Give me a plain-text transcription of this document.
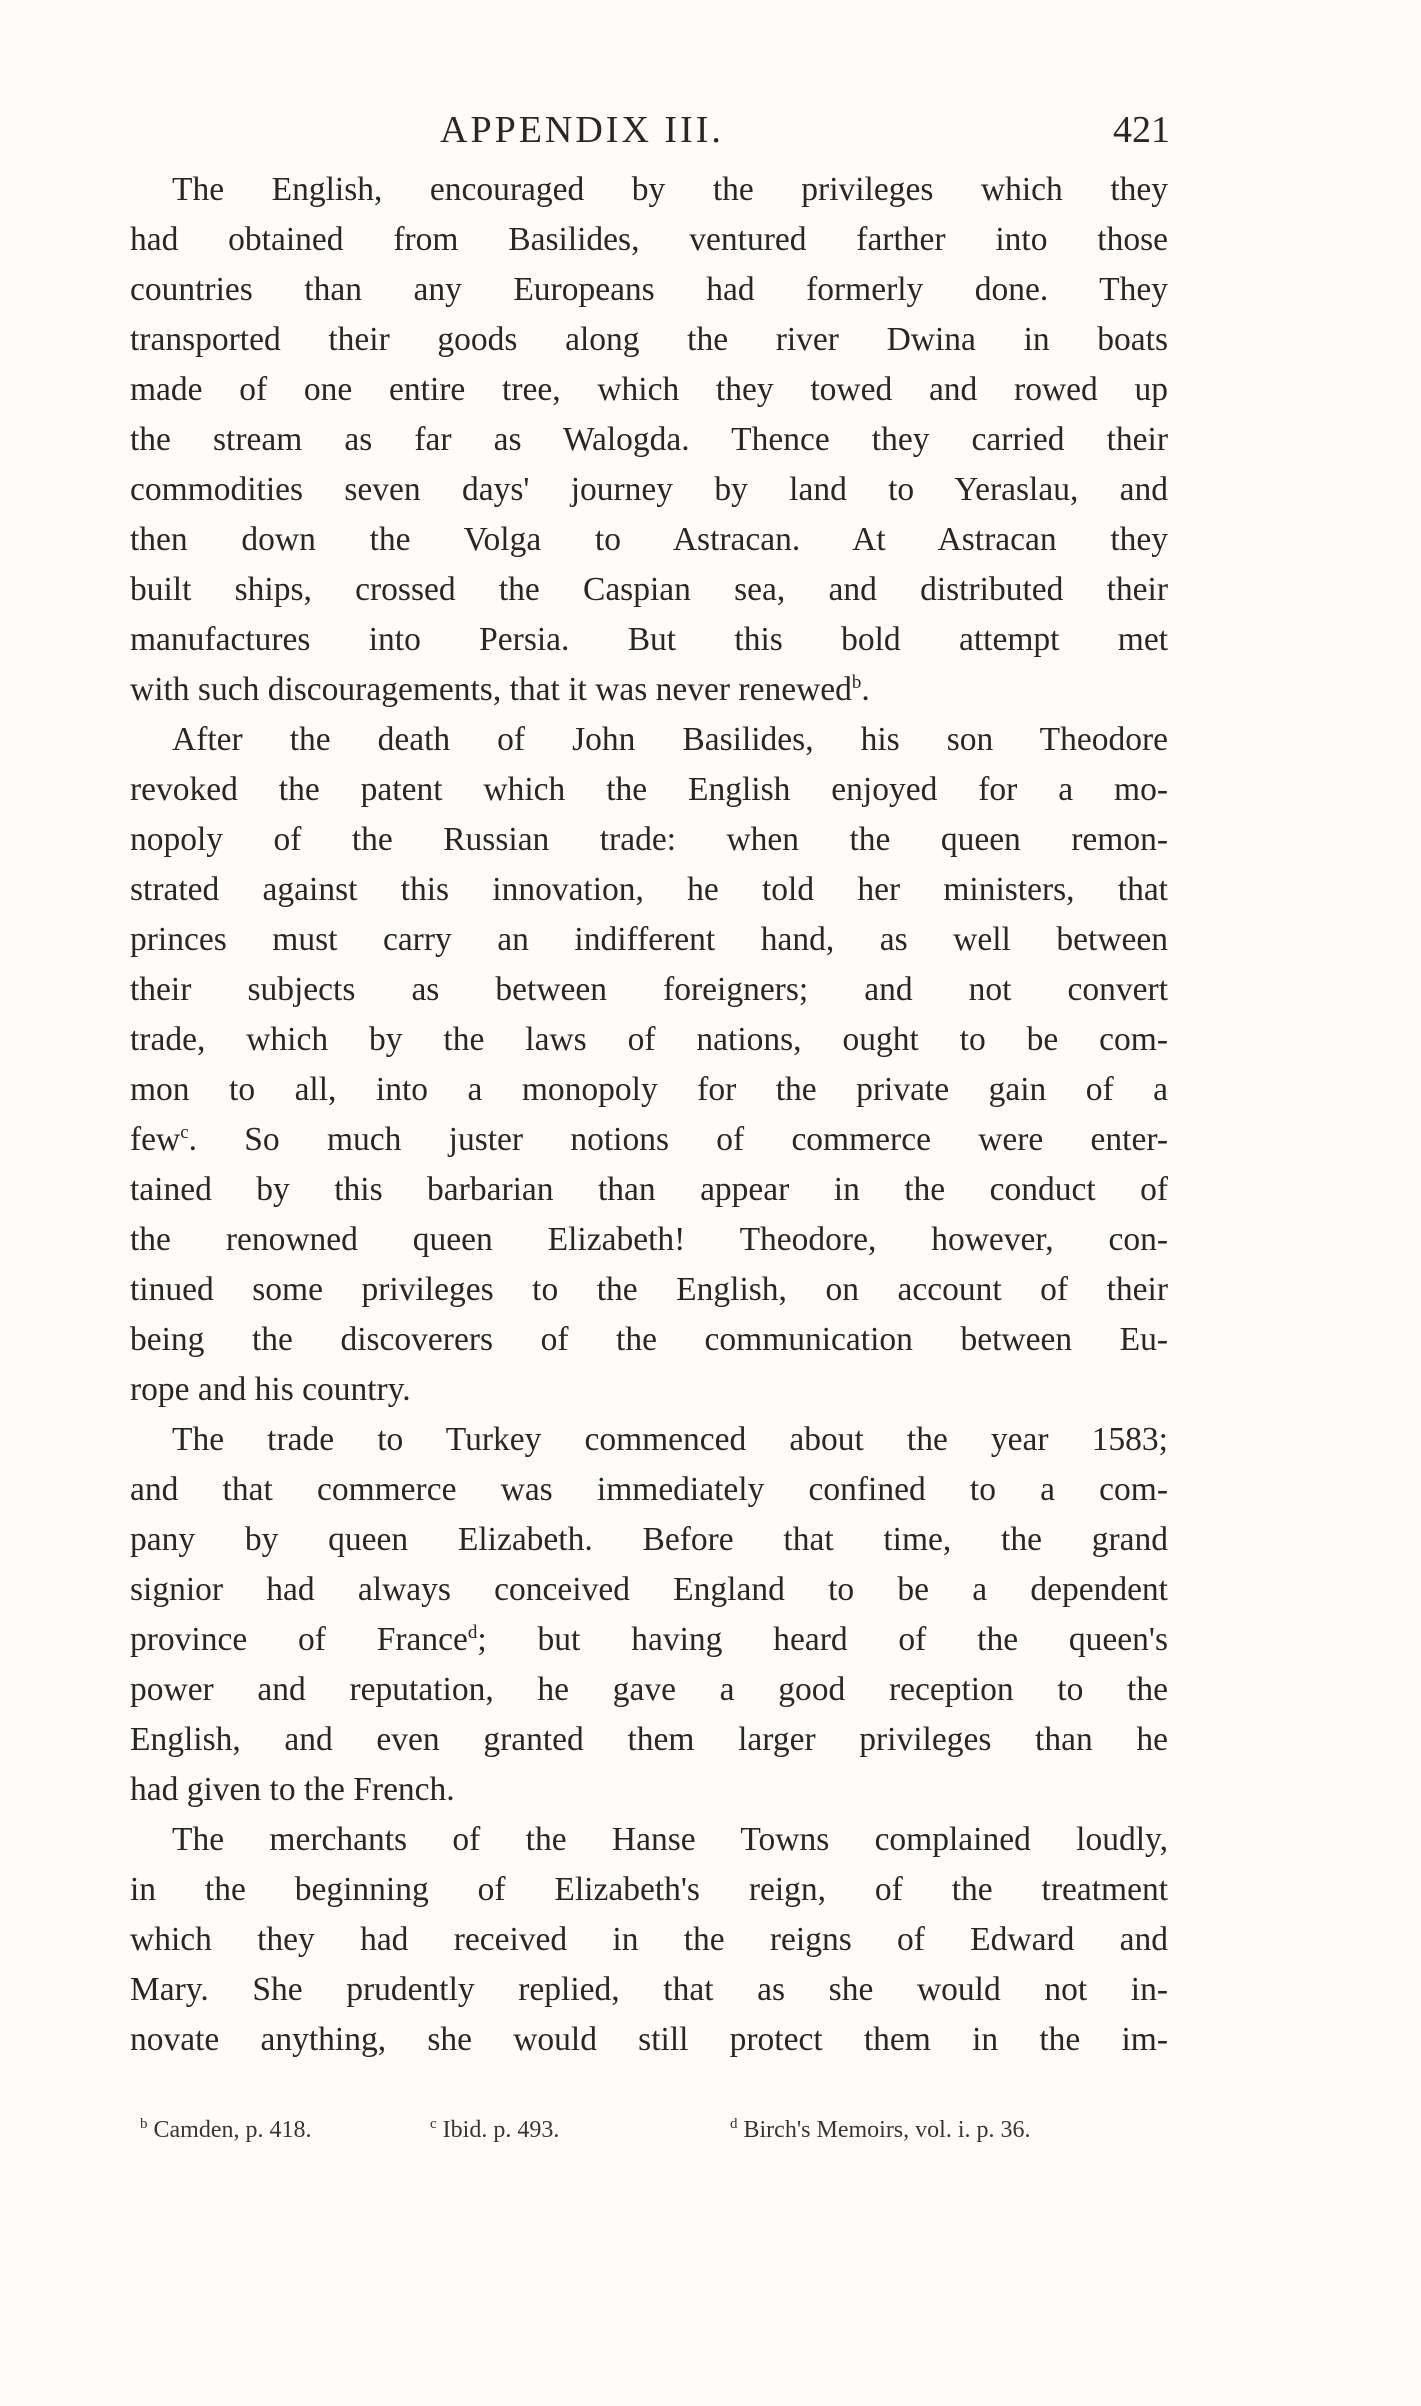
APPENDIX III.	421
The English, encouraged by the privileges which they
had obtained from Basilides, ventured farther into those
countries than any Europeans had formerly done. They
transported their goods along the river Dwina in boats
made of one entire tree, which they towed and rowed up
the stream as far as Walogda. Thence they carried their
commodities seven days' journey by land to Yeraslau, and
then down the Volga to Astracan. At Astracan they
built ships, crossed the Caspian sea, and distributed their
manufactures into Persia. But this bold attempt met
with such discouragements, that it was never renewed$^b$.
After the death of John Basilides, his son Theodore
revoked the patent which the English enjoyed for a mo-
nopoly of the Russian trade: when the queen remon-
strated against this innovation, he told her ministers, that
princes must carry an indifferent hand, as well between
their subjects as between foreigners; and not convert
trade, which by the laws of nations, ought to be com-
mon to all, into a monopoly for the private gain of a
few$^c$. So much juster notions of commerce were enter-
tained by this barbarian than appear in the conduct of
the renowned queen Elizabeth! Theodore, however, con-
tinued some privileges to the English, on account of their
being the discoverers of the communication between Eu-
rope and his country.
The trade to Turkey commenced about the year 1583;
and that commerce was immediately confined to a com-
pany by queen Elizabeth. Before that time, the grand
signior had always conceived England to be a dependent
province of France$^d$; but having heard of the queen's
power and reputation, he gave a good reception to the
English, and even granted them larger privileges than he
had given to the French.
The merchants of the Hanse Towns complained loudly,
in the beginning of Elizabeth's reign, of the treatment
which they had received in the reigns of Edward and
Mary. She prudently replied, that as she would not in-
novate anything, she would still protect them in the im-
$^b$ Camden, p. 418.	$^c$ Ibid. p. 493.	$^d$ Birch's Memoirs, vol. i. p. 36.
